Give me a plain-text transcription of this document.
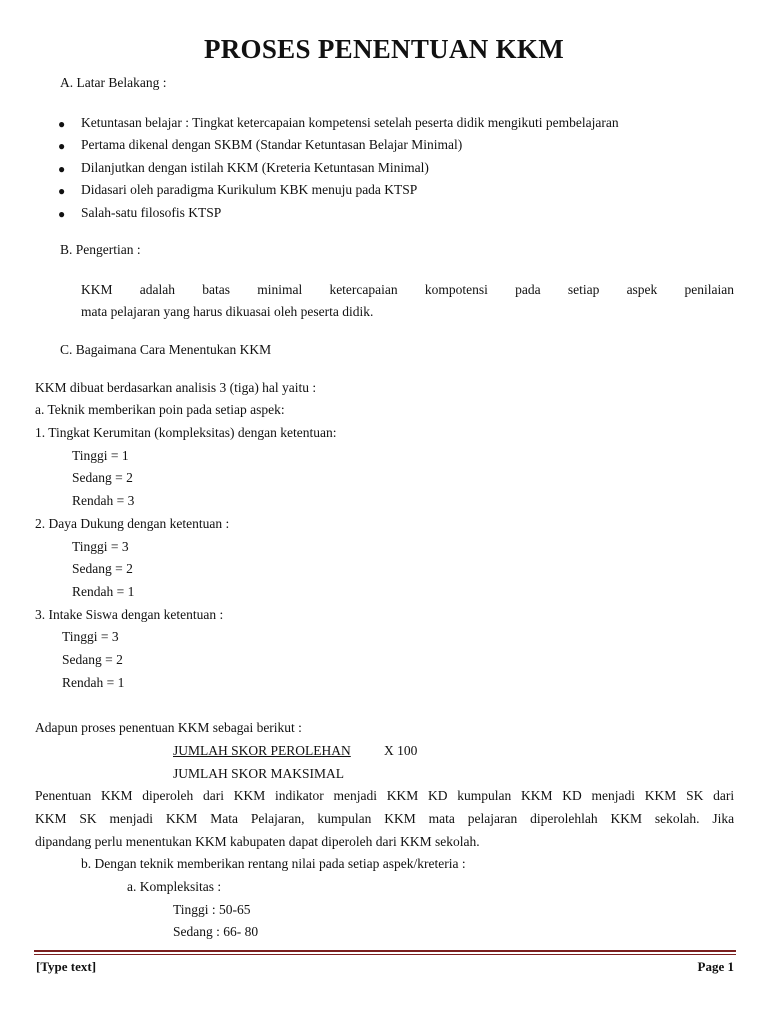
PROSES PENENTUAN KKM
A. Latar Belakang :
● Ketuntasan belajar : Tingkat ketercapaian kompetensi setelah peserta didik mengikuti pembelajaran
● Pertama dikenal dengan SKBM (Standar Ketuntasan Belajar Minimal)
● Dilanjutkan dengan istilah KKM (Kreteria Ketuntasan Minimal)
● Didasari oleh paradigma Kurikulum KBK menuju pada KTSP
● Salah-satu filosofis KTSP
B. Pengertian :
KKM adalah batas minimal ketercapaian kompotensi pada setiap aspek penilaian
mata pelajaran yang harus dikuasai oleh peserta didik.
C. Bagaimana Cara Menentukan KKM
KKM dibuat berdasarkan analisis 3 (tiga) hal yaitu :
a. Teknik memberikan poin pada setiap aspek:
1. Tingkat Kerumitan (kompleksitas) dengan ketentuan:
Tinggi = 1
Sedang = 2
Rendah = 3
2. Daya Dukung dengan ketentuan :
Tinggi = 3
Sedang = 2
Rendah = 1
3. Intake Siswa dengan ketentuan :
Tinggi = 3
Sedang = 2
Rendah = 1
Adapun proses penentuan KKM sebagai berikut :
JUMLAH SKOR PEROLEHAN X 100
JUMLAH SKOR MAKSIMAL
Penentuan KKM diperoleh dari KKM indikator menjadi KKM KD kumpulan KKM KD menjadi KKM SK dari
KKM SK menjadi KKM Mata Pelajaran, kumpulan KKM mata pelajaran diperolehlah KKM sekolah. Jika
dipandang perlu menentukan KKM kabupaten dapat diperoleh dari KKM sekolah.
b. Dengan teknik memberikan rentang nilai pada setiap aspek/kreteria :
a. Kompleksitas :
Tinggi : 50-65
Sedang : 66- 80
[Type text]	Page 1
